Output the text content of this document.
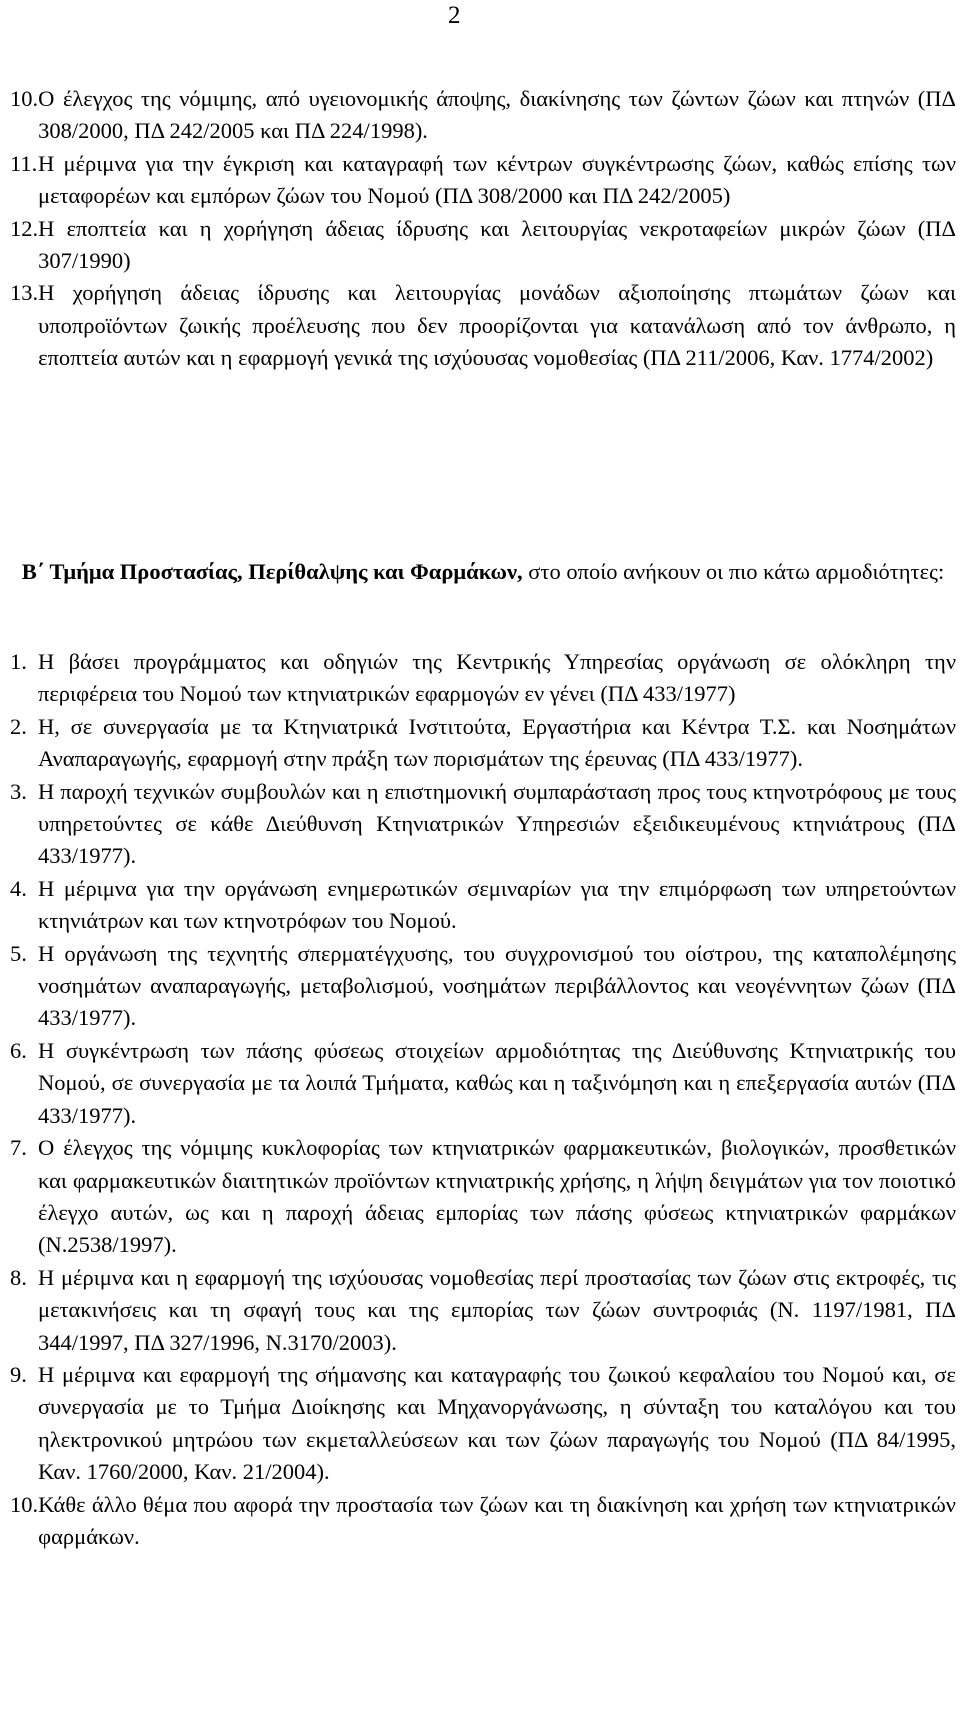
2
10. Ο έλεγχος της νόμιμης, από υγειονομικής άποψης, διακίνησης των ζώντων ζώων και πτηνών (ΠΔ 308/2000, ΠΔ 242/2005 και ΠΔ 224/1998).
11. Η μέριμνα για την έγκριση και καταγραφή των κέντρων συγκέντρωσης ζώων, καθώς επίσης των μεταφορέων και εμπόρων ζώων του Νομού (ΠΔ 308/2000 και ΠΔ 242/2005)
12. Η εποπτεία και η χορήγηση άδειας ίδρυσης και λειτουργίας νεκροταφείων μικρών ζώων (ΠΔ 307/1990)
13. Η χορήγηση άδειας ίδρυσης και λειτουργίας μονάδων αξιοποίησης πτωμάτων ζώων και υποπροϊόντων ζωικής προέλευσης που δεν προορίζονται για κατανάλωση από τον άνθρωπο, η εποπτεία αυτών και η εφαρμογή γενικά της ισχύουσας νομοθεσίας (ΠΔ 211/2006, Καν. 1774/2002)
Β΄ Τμήμα Προστασίας, Περίθαλψης και Φαρμάκων, στο οποίο ανήκουν οι πιο κάτω αρμοδιότητες:
1. Η βάσει προγράμματος και οδηγιών της Κεντρικής Υπηρεσίας οργάνωση σε ολόκληρη την περιφέρεια του Νομού των κτηνιατρικών εφαρμογών εν γένει (ΠΔ 433/1977)
2. Η, σε συνεργασία με τα Κτηνιατρικά Ινστιτούτα, Εργαστήρια και Κέντρα Τ.Σ. και Νοσημάτων Αναπαραγωγής, εφαρμογή στην πράξη των πορισμάτων της έρευνας (ΠΔ 433/1977).
3. Η παροχή τεχνικών συμβουλών και η επιστημονική συμπαράσταση προς τους κτηνοτρόφους με τους υπηρετούντες σε κάθε Διεύθυνση Κτηνιατρικών Υπηρεσιών εξειδικευμένους κτηνιάτρους (ΠΔ 433/1977).
4. Η μέριμνα για την οργάνωση ενημερωτικών σεμιναρίων για την επιμόρφωση των υπηρετούντων κτηνιάτρων και των κτηνοτρόφων του Νομού.
5. Η οργάνωση της τεχνητής σπερματέγχυσης, του συγχρονισμού του οίστρου, της καταπολέμησης νοσημάτων αναπαραγωγής, μεταβολισμού, νοσημάτων περιβάλλοντος και νεογέννητων ζώων (ΠΔ 433/1977).
6. Η συγκέντρωση των πάσης φύσεως στοιχείων αρμοδιότητας της Διεύθυνσης Κτηνιατρικής του Νομού, σε συνεργασία με τα λοιπά Τμήματα, καθώς και η ταξινόμηση και η επεξεργασία αυτών (ΠΔ 433/1977).
7. Ο έλεγχος της νόμιμης κυκλοφορίας των κτηνιατρικών φαρμακευτικών, βιολογικών, προσθετικών και φαρμακευτικών διαιτητικών προϊόντων κτηνιατρικής χρήσης, η λήψη δειγμάτων για τον ποιοτικό έλεγχο αυτών, ως και η παροχή άδειας εμπορίας των πάσης φύσεως κτηνιατρικών φαρμάκων (Ν.2538/1997).
8. Η μέριμνα και η εφαρμογή της ισχύουσας νομοθεσίας περί προστασίας των ζώων στις εκτροφές, τις μετακινήσεις και τη σφαγή τους και της εμπορίας των ζώων συντροφιάς (Ν. 1197/1981, ΠΔ 344/1997, ΠΔ 327/1996, Ν.3170/2003).
9. Η μέριμνα και εφαρμογή της σήμανσης και καταγραφής του ζωικού κεφαλαίου του Νομού και, σε συνεργασία με το Τμήμα Διοίκησης και Μηχανοργάνωσης, η σύνταξη του καταλόγου και του ηλεκτρονικού μητρώου των εκμεταλλεύσεων και των ζώων παραγωγής του Νομού (ΠΔ 84/1995, Καν. 1760/2000, Καν. 21/2004).
10. Κάθε άλλο θέμα που αφορά την προστασία των ζώων και τη διακίνηση και χρήση των κτηνιατρικών φαρμάκων.
